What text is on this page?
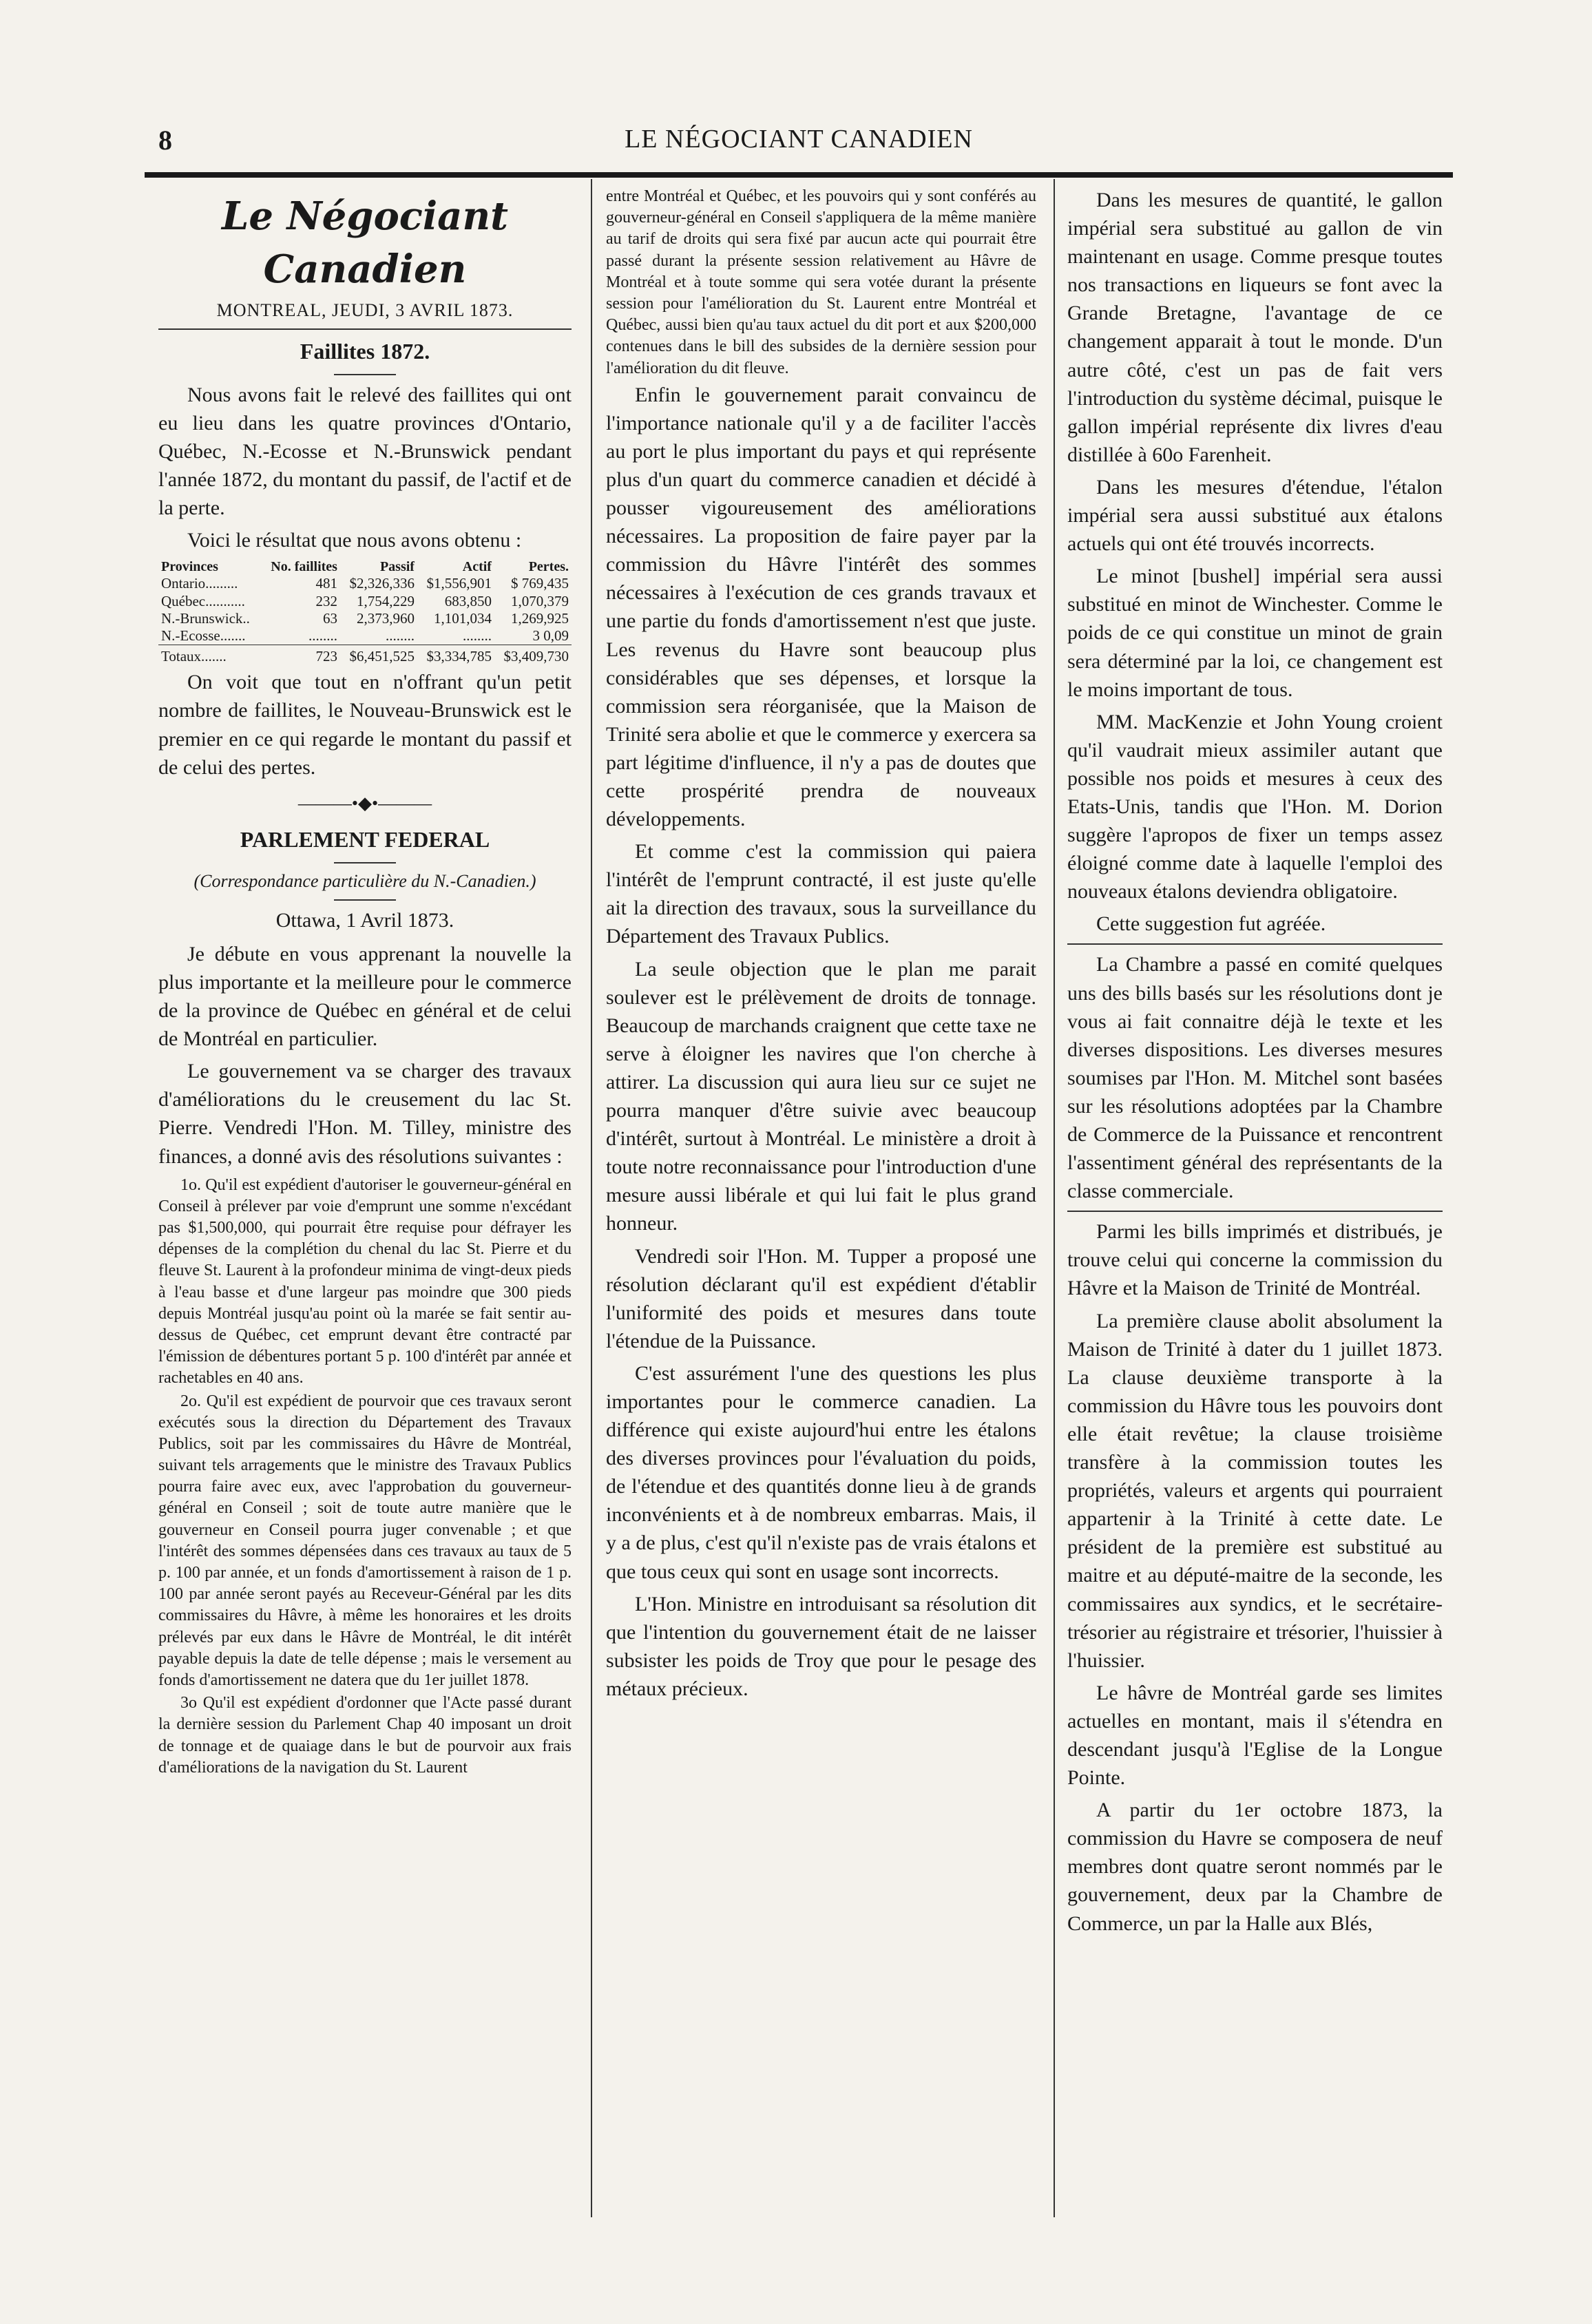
8	LE NÉGOCIANT CANADIEN
Le Négociant Canadien
MONTREAL, JEUDI, 3 AVRIL 1873.
Faillites 1872.

Nous avons fait le relevé des faillites qui ont eu lieu dans les quatre provinces d'Ontario, Québec, N.-Ecosse et N.-Brunswick pendant l'année 1872, du montant du passif, de l'actif et de la perte.

Voici le résultat que nous avons obtenu :

Provinces	No. faillites	Passif	Actif	Pertes.
Ontario.........	481	$2,326,336	$1,556,901	$ 769,435
Québec...........	232	1,754,229	683,850	1,070,379
N.-Brunswick..	63	2,373,960	1,101,034	1,269,925
N.-Ecosse.......	........	........	........	3 0,09
Totaux.......	723	$6,451,525	$3,334,785	$3,409,730

On voit que tout en n'offrant qu'un petit nombre de faillites, le Nouveau-Brunswick est le premier en ce qui regarde le montant du passif et de celui des pertes.

———•◆•———
PARLEMENT FEDERAL
(Correspondance particulière du N.-Canadien.)
Ottawa, 1 Avril 1873.

Je débute en vous apprenant la nouvelle la plus importante et la meilleure pour le commerce de la province de Québec en général et de celui de Montréal en particulier.

Le gouvernement va se charger des travaux d'améliorations du le creusement du lac St. Pierre. Vendredi l'Hon. M. Tilley, ministre des finances, a donné avis des résolutions suivantes :

1o. Qu'il est expédient d'autoriser le gouverneur-général en Conseil à prélever par voie d'emprunt une somme n'excédant pas $1,500,000, qui pourrait être requise pour défrayer les dépenses de la complétion du chenal du lac St. Pierre et du fleuve St. Laurent à la profondeur minima de vingt-deux pieds à l'eau basse et d'une largeur pas moindre que 300 pieds depuis Montréal jusqu'au point où la marée se fait sentir au-dessus de Québec, cet emprunt devant être contracté par l'émission de débentures portant 5 p. 100 d'intérêt par année et rachetables en 40 ans.

2o. Qu'il est expédient de pourvoir que ces travaux seront exécutés sous la direction du Département des Travaux Publics, soit par les commissaires du Hâvre de Montréal, suivant tels arragements que le ministre des Travaux Publics pourra faire avec eux, avec l'approbation du gouverneur-général en Conseil ; soit de toute autre manière que le gouverneur en Conseil pourra juger convenable ; et que l'intérêt des sommes dépensées dans ces travaux au taux de 5 p. 100 par année, et un fonds d'amortissement à raison de 1 p. 100 par année seront payés au Receveur-Général par les dits commissaires du Hâvre, à même les honoraires et les droits prélevés par eux dans le Hâvre de Montréal, le dit intérêt payable depuis la date de telle dépense ; mais le versement au fonds d'amortissement ne datera que du 1er juillet 1878.

3o Qu'il est expédient d'ordonner que l'Acte passé durant la dernière session du Parlement Chap 40 imposant un droit de tonnage et de quaiage dans le but de pourvoir aux frais d'améliorations de la navigation du St. Laurent

entre Montréal et Québec, et les pouvoirs qui y sont conférés au gouverneur-général en Conseil s'appliquera de la même manière au tarif de droits qui sera fixé par aucun acte qui pourrait être passé durant la présente session relativement au Hâvre de Montréal et à toute somme qui sera votée durant la présente session pour l'amélioration du St. Laurent entre Montréal et Québec, aussi bien qu'au taux actuel du dit port et aux $200,000 contenues dans le bill des subsides de la dernière session pour l'amélioration du dit fleuve.

Enfin le gouvernement parait convaincu de l'importance nationale qu'il y a de faciliter l'accès au port le plus important du pays et qui représente plus d'un quart du commerce canadien et décidé à pousser vigoureusement des améliorations nécessaires. La proposition de faire payer par la commission du Hâvre l'intérêt des sommes nécessaires à l'exécution de ces grands travaux et une partie du fonds d'amortissement n'est que juste. Les revenus du Havre sont beaucoup plus considérables que ses dépenses, et lorsque la commission sera réorganisée, que la Maison de Trinité sera abolie et que le commerce y exercera sa part légitime d'influence, il n'y a pas de doutes que cette prospérité prendra de nouveaux développements.

Et comme c'est la commission qui paiera l'intérêt de l'emprunt contracté, il est juste qu'elle ait la direction des travaux, sous la surveillance du Département des Travaux Publics.

La seule objection que le plan me parait soulever est le prélèvement de droits de tonnage. Beaucoup de marchands craignent que cette taxe ne serve à éloigner les navires que l'on cherche à attirer. La discussion qui aura lieu sur ce sujet ne pourra manquer d'être suivie avec beaucoup d'intérêt, surtout à Montréal. Le ministère a droit à toute notre reconnaissance pour l'introduction d'une mesure aussi libérale et qui lui fait le plus grand honneur.

Vendredi soir l'Hon. M. Tupper a proposé une résolution déclarant qu'il est expédient d'établir l'uniformité des poids et mesures dans toute l'étendue de la Puissance.

C'est assurément l'une des questions les plus importantes pour le commerce canadien. La différence qui existe aujourd'hui entre les étalons des diverses provinces pour l'évaluation du poids, de l'étendue et des quantités donne lieu à de grands inconvénients et à de nombreux embarras. Mais, il y a de plus, c'est qu'il n'existe pas de vrais étalons et que tous ceux qui sont en usage sont incorrects.

L'Hon. Ministre en introduisant sa résolution dit que l'intention du gouvernement était de ne laisser subsister les poids de Troy que pour le pesage des métaux précieux.

Dans les mesures de quantité, le gallon impérial sera substitué au gallon de vin maintenant en usage. Comme presque toutes nos transactions en liqueurs se font avec la Grande Bretagne, l'avantage de ce changement apparait à tout le monde. D'un autre côté, c'est un pas de fait vers l'introduction du système décimal, puisque le gallon impérial représente dix livres d'eau distillée à 60o Farenheit.

Dans les mesures d'étendue, l'étalon impérial sera aussi substitué aux étalons actuels qui ont été trouvés incorrects.

Le minot [bushel] impérial sera aussi substitué en minot de Winchester. Comme le poids de ce qui constitue un minot de grain sera déterminé par la loi, ce changement est le moins important de tous.

MM. MacKenzie et John Young croient qu'il vaudrait mieux assimiler autant que possible nos poids et mesures à ceux des Etats-Unis, tandis que l'Hon. M. Dorion suggère l'apropos de fixer un temps assez éloigné comme date à laquelle l'emploi des nouveaux étalons deviendra obligatoire.

Cette suggestion fut agréée.

La Chambre a passé en comité quelques uns des bills basés sur les résolutions dont je vous ai fait connaitre déjà le texte et les diverses dispositions. Les diverses mesures soumises par l'Hon. M. Mitchel sont basées sur les résolutions adoptées par la Chambre de Commerce de la Puissance et rencontrent l'assentiment général des représentants de la classe commerciale.

Parmi les bills imprimés et distribués, je trouve celui qui concerne la commission du Hâvre et la Maison de Trinité de Montréal.

La première clause abolit absolument la Maison de Trinité à dater du 1 juillet 1873. La clause deuxième transporte à la commission du Hâvre tous les pouvoirs dont elle était revêtue; la clause troisième transfère à la commission toutes les propriétés, valeurs et argents qui pourraient appartenir à la Trinité à cette date. Le président de la première est substitué au maitre et au député-maitre de la seconde, les commissaires aux syndics, et le secrétaire-trésorier au régistraire et trésorier, l'huissier à l'huissier.

Le hâvre de Montréal garde ses limites actuelles en montant, mais il s'étendra en descendant jusqu'à l'Eglise de la Longue Pointe.

A partir du 1er octobre 1873, la commission du Havre se composera de neuf membres dont quatre seront nommés par le gouvernement, deux par la Chambre de Commerce, un par la Halle aux Blés,
